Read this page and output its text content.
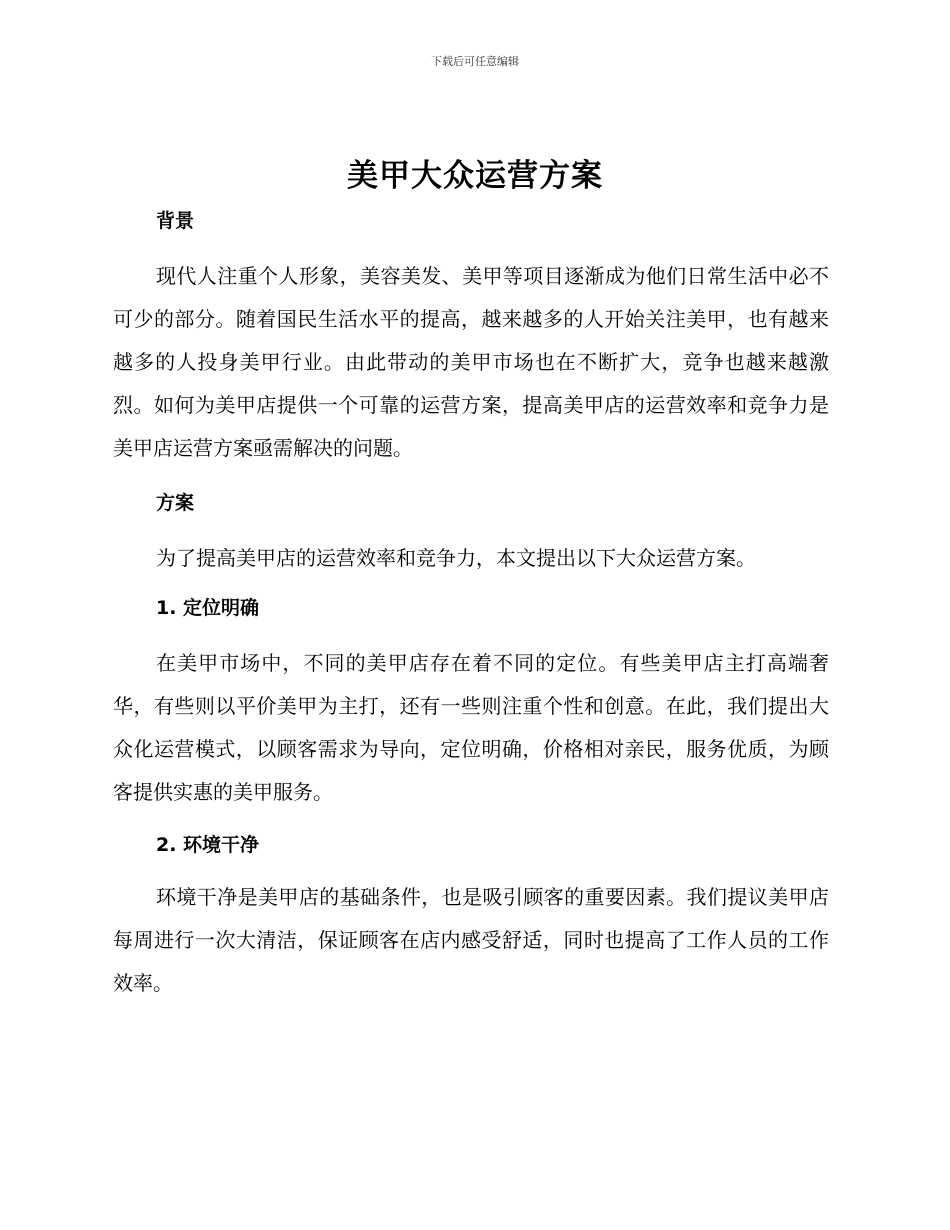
下载后可任意编辑
美甲大众运营方案
背景

现代人注重个人形象，美容美发、美甲等项目逐渐成为他们日常生活中必不可少的部分。随着国民生活水平的提高，越来越多的人开始关注美甲，也有越来越多的人投身美甲行业。由此带动的美甲市场也在不断扩大，竞争也越来越激烈。如何为美甲店提供一个可靠的运营方案，提高美甲店的运营效率和竞争力是美甲店运营方案亟需解决的问题。

方案

为了提高美甲店的运营效率和竞争力，本文提出以下大众运营方案。

1. 定位明确

在美甲市场中，不同的美甲店存在着不同的定位。有些美甲店主打高端奢华，有些则以平价美甲为主打，还有一些则注重个性和创意。在此，我们提出大众化运营模式，以顾客需求为导向，定位明确，价格相对亲民，服务优质，为顾客提供实惠的美甲服务。

2. 环境干净

环境干净是美甲店的基础条件，也是吸引顾客的重要因素。我们提议美甲店每周进行一次大清洁，保证顾客在店内感受舒适，同时也提高了工作人员的工作效率。
